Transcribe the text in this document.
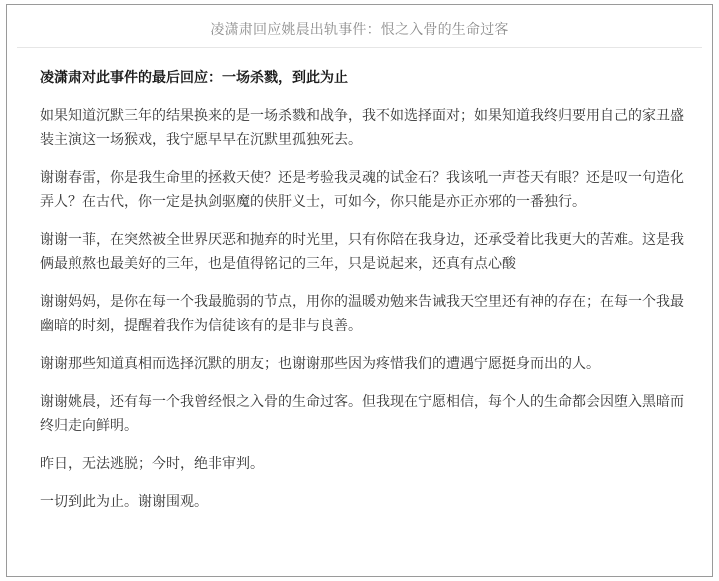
凌潇肃回应姚晨出轨事件：恨之入骨的生命过客
凌潇肃对此事件的最后回应：一场杀戮，到此为止

如果知道沉默三年的结果换来的是一场杀戮和战争，我不如选择面对；如果知道我终归要用自己的家丑盛装主演这一场猴戏，我宁愿早早在沉默里孤独死去。

谢谢春雷，你是我生命里的拯救天使？还是考验我灵魂的试金石？我该吼一声苍天有眼？还是叹一句造化弄人？在古代，你一定是执剑驱魔的侠肝义士，可如今，你只能是亦正亦邪的一番独行。

谢谢一菲，在突然被全世界厌恶和抛弃的时光里，只有你陪在我身边，还承受着比我更大的苦难。这是我俩最煎熬也最美好的三年，也是值得铭记的三年，只是说起来，还真有点心酸

谢谢妈妈，是你在每一个我最脆弱的节点，用你的温暖劝勉来告诫我天空里还有神的存在；在每一个我最幽暗的时刻，提醒着我作为信徒该有的是非与良善。

谢谢那些知道真相而选择沉默的朋友；也谢谢那些因为疼惜我们的遭遇宁愿挺身而出的人。

谢谢姚晨，还有每一个我曾经恨之入骨的生命过客。但我现在宁愿相信，每个人的生命都会因堕入黑暗而终归走向鲜明。

昨日，无法逃脱；今时，绝非审判。

一切到此为止。谢谢围观。
